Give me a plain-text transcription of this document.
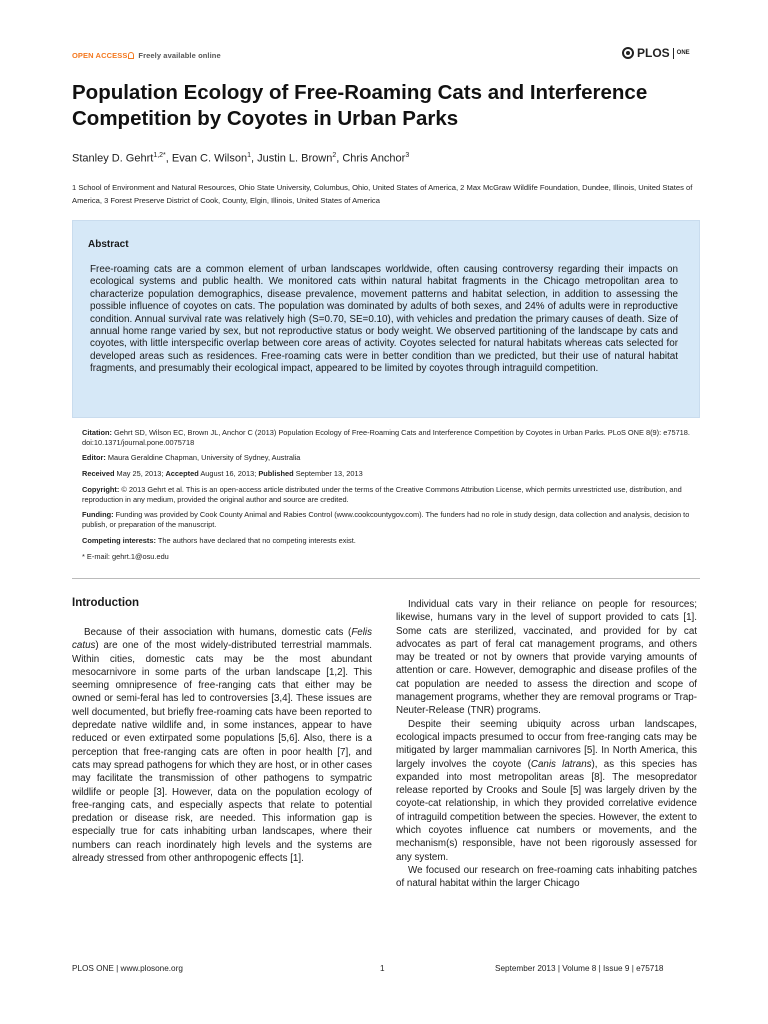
OPEN ACCESS Freely available online	PLOS ONE
Population Ecology of Free-Roaming Cats and Interference Competition by Coyotes in Urban Parks
Stanley D. Gehrt$^{1,2*}$, Evan C. Wilson$^1$, Justin L. Brown$^2$, Chris Anchor$^3$
1 School of Environment and Natural Resources, Ohio State University, Columbus, Ohio, United States of America, 2 Max McGraw Wildlife Foundation, Dundee, Illinois, United States of America, 3 Forest Preserve District of Cook, County, Elgin, Illinois, United States of America
Abstract
Free-roaming cats are a common element of urban landscapes worldwide, often causing controversy regarding their impacts on ecological systems and public health. We monitored cats within natural habitat fragments in the Chicago metropolitan area to characterize population demographics, disease prevalence, movement patterns and habitat selection, in addition to assessing the possible influence of coyotes on cats. The population was dominated by adults of both sexes, and 24% of adults were in reproductive condition. Annual survival rate was relatively high (S=0.70, SE=0.10), with vehicles and predation the primary causes of death. Size of annual home range varied by sex, but not reproductive status or body weight. We observed partitioning of the landscape by cats and coyotes, with little interspecific overlap between core areas of activity. Coyotes selected for natural habitats whereas cats selected for developed areas such as residences. Free-roaming cats were in better condition than we predicted, but their use of natural habitat fragments, and presumably their ecological impact, appeared to be limited by coyotes through intraguild competition.
Citation: Gehrt SD, Wilson EC, Brown JL, Anchor C (2013) Population Ecology of Free-Roaming Cats and Interference Competition by Coyotes in Urban Parks. PLoS ONE 8(9): e75718. doi:10.1371/journal.pone.0075718
Editor: Maura Geraldine Chapman, University of Sydney, Australia
Received May 25, 2013; Accepted August 16, 2013; Published September 13, 2013
Copyright: © 2013 Gehrt et al. This is an open-access article distributed under the terms of the Creative Commons Attribution License, which permits unrestricted use, distribution, and reproduction in any medium, provided the original author and source are credited.
Funding: Funding was provided by Cook County Animal and Rabies Control (www.cookcountygov.com). The funders had no role in study design, data collection and analysis, decision to publish, or preparation of the manuscript.
Competing interests: The authors have declared that no competing interests exist.
* E-mail: gehrt.1@osu.edu
Introduction

Because of their association with humans, domestic cats (Felis catus) are one of the most widely-distributed terrestrial mammals. Within cities, domestic cats may be the most abundant mesocarnivore in some parts of the urban landscape [1,2]. This seeming omnipresence of free-ranging cats that either may be owned or semi-feral has led to controversies [3,4]. These issues are well documented, but briefly free-roaming cats have been reported to depredate native wildlife and, in some instances, appear to have reduced or even extirpated some populations [5,6]. Also, there is a perception that free-ranging cats are often in poor health [7], and cats may spread pathogens for which they are host, or in other cases may facilitate the transmission of other pathogens to sympatric wildlife or people [3]. However, data on the population ecology of free-ranging cats, and especially aspects that relate to potential predation or disease risk, are needed. This information gap is especially true for cats inhabiting urban landscapes, where their numbers can reach inordinately high levels and the systems are already stressed from other anthropogenic effects [1].

Individual cats vary in their reliance on people for resources; likewise, humans vary in the level of support provided to cats [1]. Some cats are sterilized, vaccinated, and provided for by cat advocates as part of feral cat management programs, and others may be treated or not by owners that provide varying amounts of attention or care. However, demographic and disease profiles of the cat population are needed to assess the direction and scope of management programs, whether they are removal programs or Trap-Neuter-Release (TNR) programs.

Despite their seeming ubiquity across urban landscapes, ecological impacts presumed to occur from free-ranging cats may be mitigated by larger mammalian carnivores [5]. In North America, this largely involves the coyote (Canis latrans), as this species has expanded into most metropolitan areas [8]. The mesopredator release reported by Crooks and Soule [5] was largely driven by the coyote-cat relationship, in which they provided correlative evidence of intraguild competition between the species. However, the extent to which coyotes influence cat numbers or movements, and the mechanism(s) responsible, have not been rigorously assessed for any system.

We focused our research on free-roaming cats inhabiting patches of natural habitat within the larger Chicago

PLOS ONE | www.plosone.org	1	September 2013 | Volume 8 | Issue 9 | e75718
